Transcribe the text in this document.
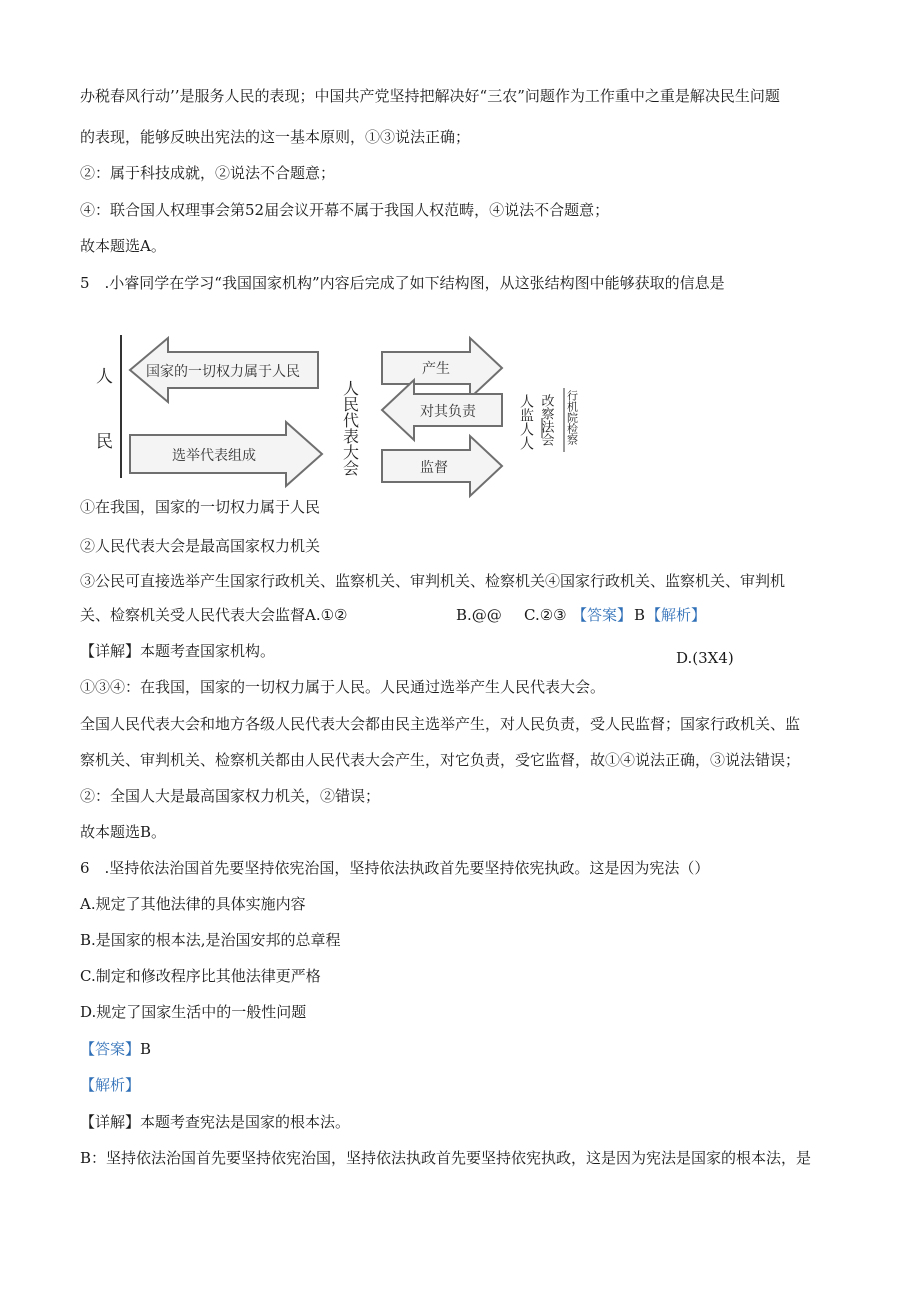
办税春风行动’’是服务人民的表现；中国共产党坚持把解决好“三农”问题作为工作重中之重是解决民生问题
的表现，能够反映出宪法的这一基本原则，①③说法正确；
②：属于科技成就，②说法不合题意；
④：联合国人权理事会第52届会议开幕不属于我国人权范畴，④说法不合题意；
故本题选A。
5　.小睿同学在学习“我国国家机构”内容后完成了如下结构图，从这张结构图中能够获取的信息是
人
民
国家的一切权力属于人民
选举代表组成	人民代表大会
产生
对其负责
监督
人监人人 改察法会 行机院检察
①在我国，国家的一切权力属于人民
②人民代表大会是最高国家权力机关
③公民可直接选举产生国家行政机关、监察机关、审判机关、检察机关④国家行政机关、监察机关、审判机
关、检察机关受人民代表大会监督A.①②	B.@@ C.②③ 【答案】 B 【解析】
【详解】本题考查国家机构。	D.(3X4)
①③④：在我国，国家的一切权力属于人民。人民通过选举产生人民代表大会。
全国人民代表大会和地方各级人民代表大会都由民主选举产生，对人民负责，受人民监督；国家行政机关、监
察机关、审判机关、检察机关都由人民代表大会产生，对它负责，受它监督，故①④说法正确，③说法错误；
②：全国人大是最高国家权力机关，②错误；
故本题选B。
6　.坚持依法治国首先要坚持依宪治国，坚持依法执政首先要坚持依宪执政。这是因为宪法（）
A.规定了其他法律的具体实施内容
B.是国家的根本法,是治国安邦的总章程
C.制定和修改程序比其他法律更严格
D.规定了国家生活中的一般性问题
【答案】B
【解析】
【详解】本题考查宪法是国家的根本法。
B：坚持依法治国首先要坚持依宪治国，坚持依法执政首先要坚持依宪执政，这是因为宪法是国家的根本法，是
